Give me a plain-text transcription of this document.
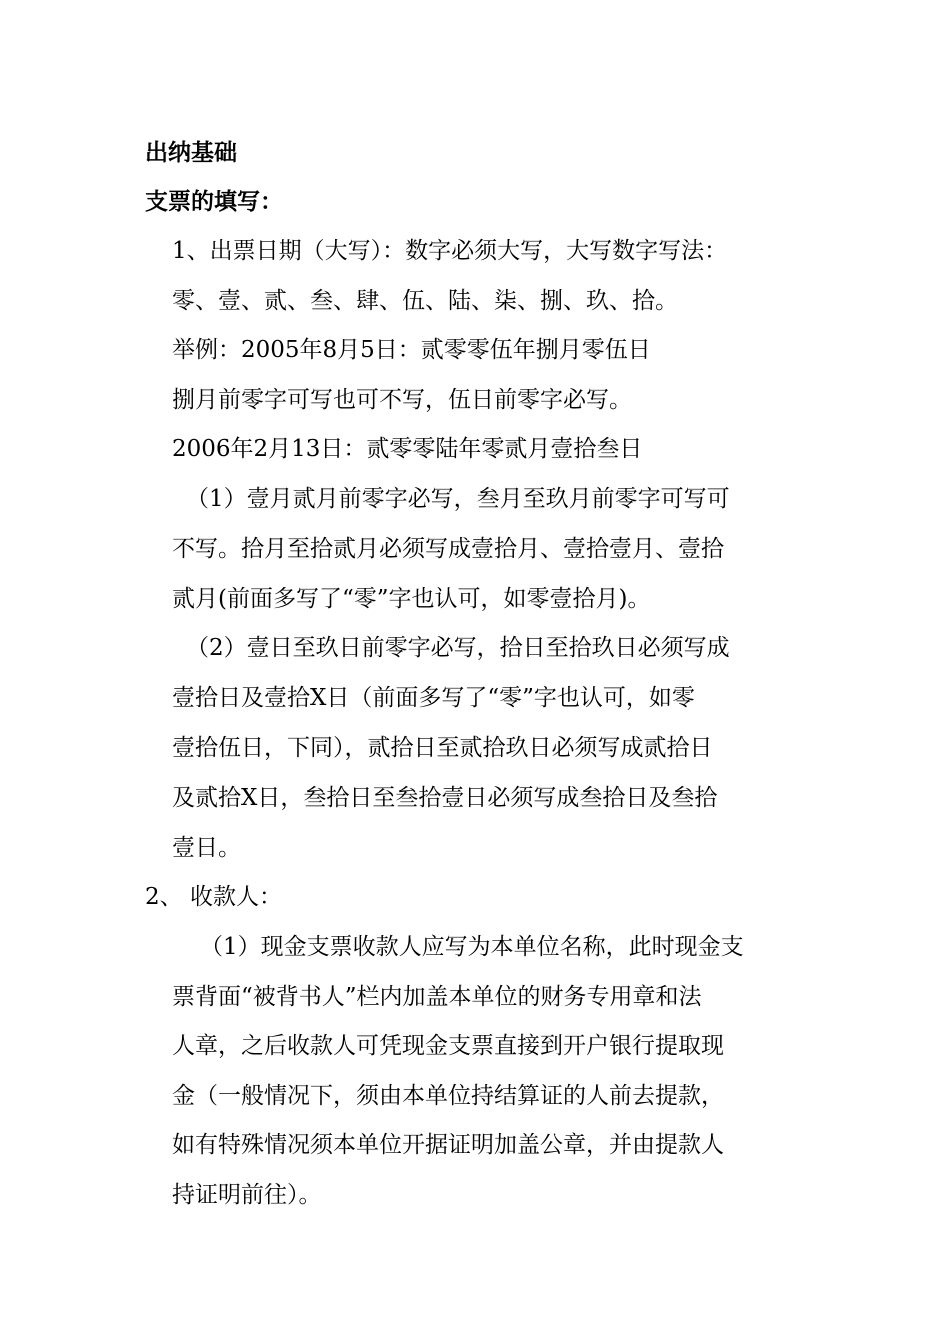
出纳基础
支票的填写：
1、出票日期（大写）：数字必须大写，大写数字写法：
零、壹、贰、叁、肆、伍、陆、柒、捌、玖、拾。
举例：2005年8月5日：贰零零伍年捌月零伍日
捌月前零字可写也可不写，伍日前零字必写。
2006年2月13日：贰零零陆年零贰月壹拾叁日
（1）壹月贰月前零字必写，叁月至玖月前零字可写可
不写。拾月至拾贰月必须写成壹拾月、壹拾壹月、壹拾
贰月(前面多写了“零”字也认可，如零壹拾月)。
（2）壹日至玖日前零字必写，拾日至拾玖日必须写成
壹拾日及壹拾X日（前面多写了“零”字也认可，如零
壹拾伍日，下同），贰拾日至贰拾玖日必须写成贰拾日
及贰拾X日，叁拾日至叁拾壹日必须写成叁拾日及叁拾
壹日。
2、 收款人：
（1）现金支票收款人应写为本单位名称，此时现金支
票背面“被背书人”栏内加盖本单位的财务专用章和法
人章，之后收款人可凭现金支票直接到开户银行提取现
金（一般情况下，须由本单位持结算证的人前去提款，
如有特殊情况须本单位开据证明加盖公章，并由提款人
持证明前往）。
